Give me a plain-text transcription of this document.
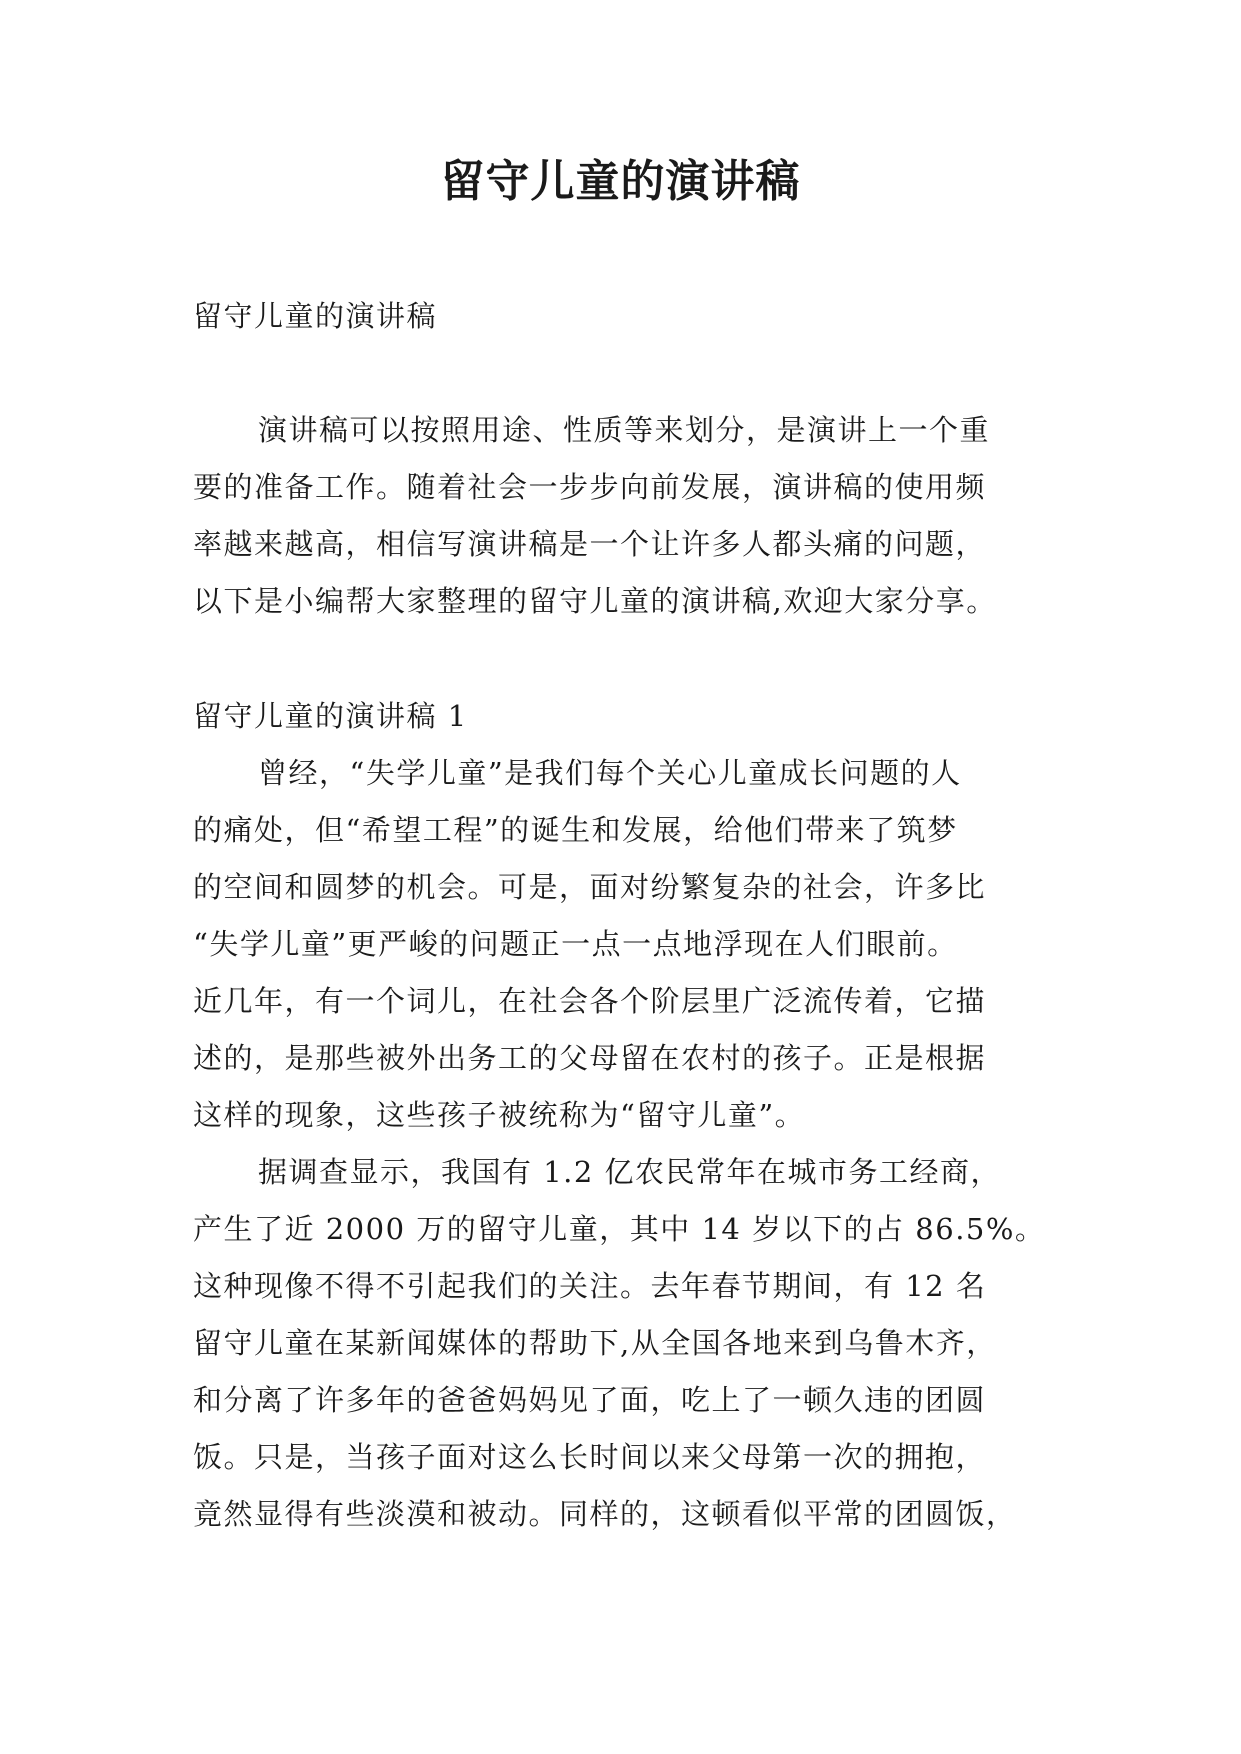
留守儿童的演讲稿

留守儿童的演讲稿

演讲稿可以按照用途、性质等来划分，是演讲上一个重

要的准备工作。随着社会一步步向前发展，演讲稿的使用频

率越来越高，相信写演讲稿是一个让许多人都头痛的问题，

以下是小编帮大家整理的留守儿童的演讲稿,欢迎大家分享。

留守儿童的演讲稿 1

曾经，“失学儿童”是我们每个关心儿童成长问题的人

的痛处，但“希望工程”的诞生和发展，给他们带来了筑梦

的空间和圆梦的机会。可是，面对纷繁复杂的社会，许多比

“失学儿童”更严峻的问题正一点一点地浮现在人们眼前。

近几年，有一个词儿，在社会各个阶层里广泛流传着，它描

述的，是那些被外出务工的父母留在农村的孩子。正是根据

这样的现象，这些孩子被统称为“留守儿童”。

据调查显示，我国有 1.2 亿农民常年在城市务工经商，

产生了近 2000 万的留守儿童，其中 14 岁以下的占 86.5%。

这种现像不得不引起我们的关注。去年春节期间，有 12 名

留守儿童在某新闻媒体的帮助下,从全国各地来到乌鲁木齐，

和分离了许多年的爸爸妈妈见了面，吃上了一顿久违的团圆

饭。只是，当孩子面对这么长时间以来父母第一次的拥抱，

竟然显得有些淡漠和被动。同样的，这顿看似平常的团圆饭，
